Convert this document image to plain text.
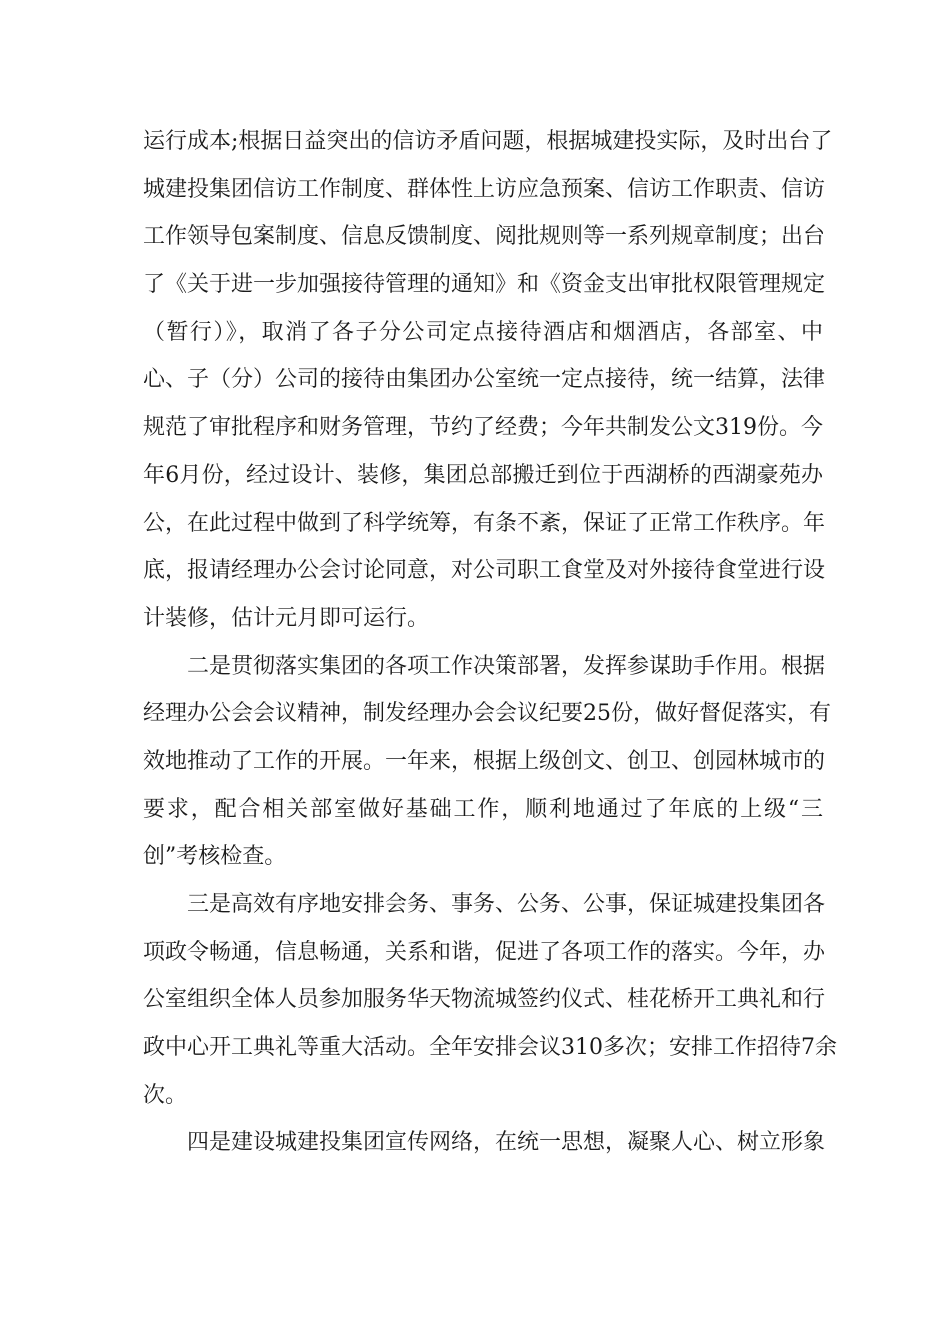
运行成本;根据日益突出的信访矛盾问题，根据城建投实际，及时出台了
城建投集团信访工作制度、群体性上访应急预案、信访工作职责、信访
工作领导包案制度、信息反馈制度、阅批规则等一系列规章制度；出台
了《关于进一步加强接待管理的通知》和《资金支出审批权限管理规定
（暂行）》，取消了各子分公司定点接待酒店和烟酒店，各部室、中
心、子（分）公司的接待由集团办公室统一定点接待，统一结算，法律
规范了审批程序和财务管理，节约了经费；今年共制发公文319份。今
年6月份，经过设计、装修，集团总部搬迁到位于西湖桥的西湖豪苑办
公，在此过程中做到了科学统筹，有条不紊，保证了正常工作秩序。年
底，报请经理办公会讨论同意，对公司职工食堂及对外接待食堂进行设
计装修，估计元月即可运行。
二是贯彻落实集团的各项工作决策部署，发挥参谋助手作用。根据
经理办公会会议精神，制发经理办会会议纪要25份，做好督促落实，有
效地推动了工作的开展。一年来，根据上级创文、创卫、创园林城市的
要求，配合相关部室做好基础工作，顺利地通过了年底的上级“三
创”考核检查。
三是高效有序地安排会务、事务、公务、公事，保证城建投集团各
项政令畅通，信息畅通，关系和谐，促进了各项工作的落实。今年，办
公室组织全体人员参加服务华天物流城签约仪式、桂花桥开工典礼和行
政中心开工典礼等重大活动。全年安排会议310多次；安排工作招待7余
次。
四是建设城建投集团宣传网络，在统一思想，凝聚人心、树立形象
